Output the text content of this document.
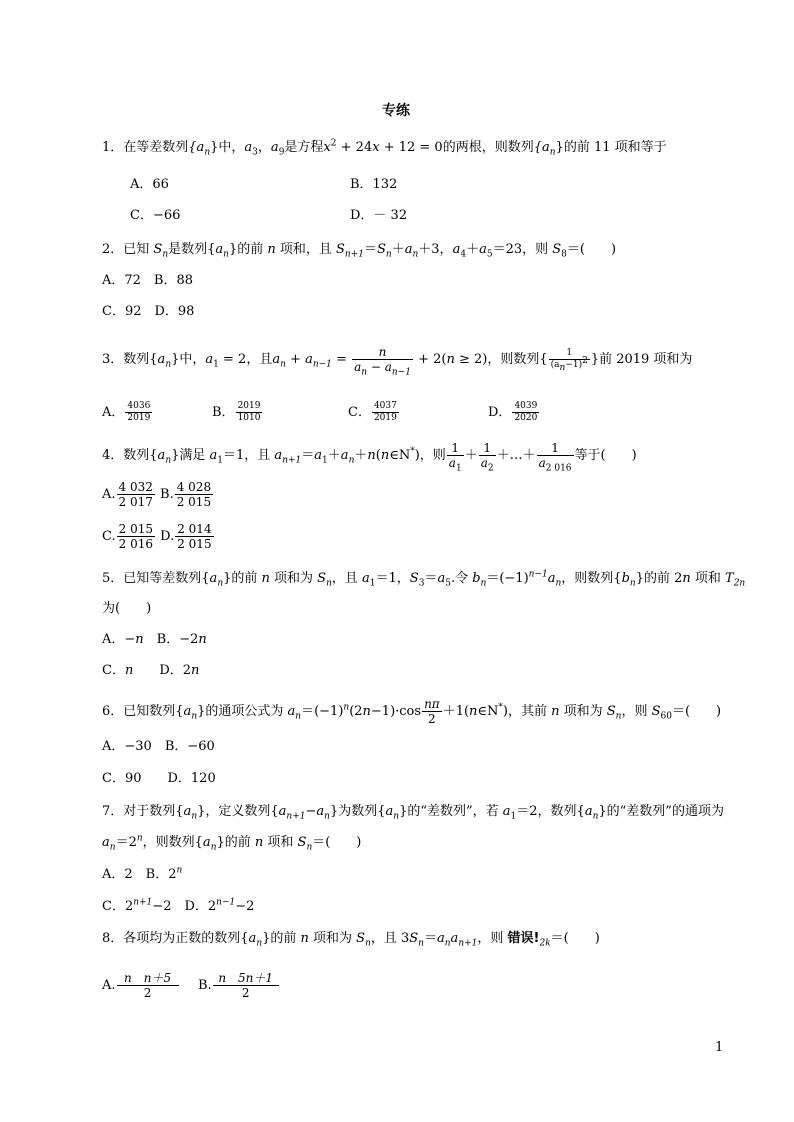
专练
1．在等差数列$\{a_n\}$中，$a_3$，$a_9$是方程$x^2 + 24x + 12 = 0$的两根，则数列$\{a_n\}$的前 11 项和等于
A．66	B．132
C．−66	D．－ 32
2．已知 $S_n$是数列$\{a_n\}$的前 n 项和，且 $S_{n+1}=S_n+a_n+3$，$a_4+a_5=23$，则 $S_8=$(　　)
A．72　B．88
C．92　D．98
3．数列$\{a_n\}$中，$a_1 = 2$，且$a_n + a_{n-1} = \frac{n}{a_n - a_{n-1}} + 2(n \ge 2)$，则数列{ $\frac{1}{(a_n-1)^2}$ }前 2019 项和为
A． $\frac{4036}{2019}$	B． $\frac{2019}{1010}$	C． $\frac{4037}{2019}$	D． $\frac{4039}{2020}$
4．数列$\{a_n\}$满足 $a_1=1$，且 $a_{n+1}=a_1+a_n+n(n\in N^*)$，则 $\frac{1}{a_1} + \frac{1}{a_2}$ ＋…＋ $\frac{1}{a_{2 016}}$ 等于(　　)
A. $\frac{4 032}{2 017} B$. $\frac{4 028}{2 015}$
C. $\frac{2 015}{2 016} D$. $\frac{2 014}{2 015}$
5．已知等差数列$\{a_n\}$的前 n 项和为 $S_n$，且 $a_1=1$，$S_3=a_5$.令 $b_n=(-1)^{n-1}a_n$，则数列$\{b_n\}$的前 2n 项和 $T_{2n}$
为(　　)
A．−n　B．−2n
C．n　　D．2n
6．已知数列$\{a_n\}$的通项公式为 $a_n=(-1)^n(2n-1)\cdot\cos \frac{n\pi}{2}$ ＋1(n∈N*)，其前 n 项和为 $S_n$，则 $S_{60}=$(　　)
A．−30　B．−60
C．90　　D．120
7．对于数列$\{a_n\}$，定义数列$\{a_{n+1}-a_n\}$为数列$\{a_n\}$的“差数列”，若 $a_1=2$，数列$\{a_n\}$的“差数列”的通项为
$a_n=2^n$，则数列$\{a_n\}$的前 n 项和 $S_n=$(　　)
A．2　B．2$^n$
C．$2^{n+1}-2$　D．$2^{n-1}-2$
8．各项均为正数的数列$\{a_n\}$的前 n 项和为 $S_n$，且 $3S_n=a_na_{n+1}$，则 错误$!_{2k}=$(　　)
A. $\frac{\text{n　n＋5}}{2} B$. $\frac{n 5n+1}{2}$
1
